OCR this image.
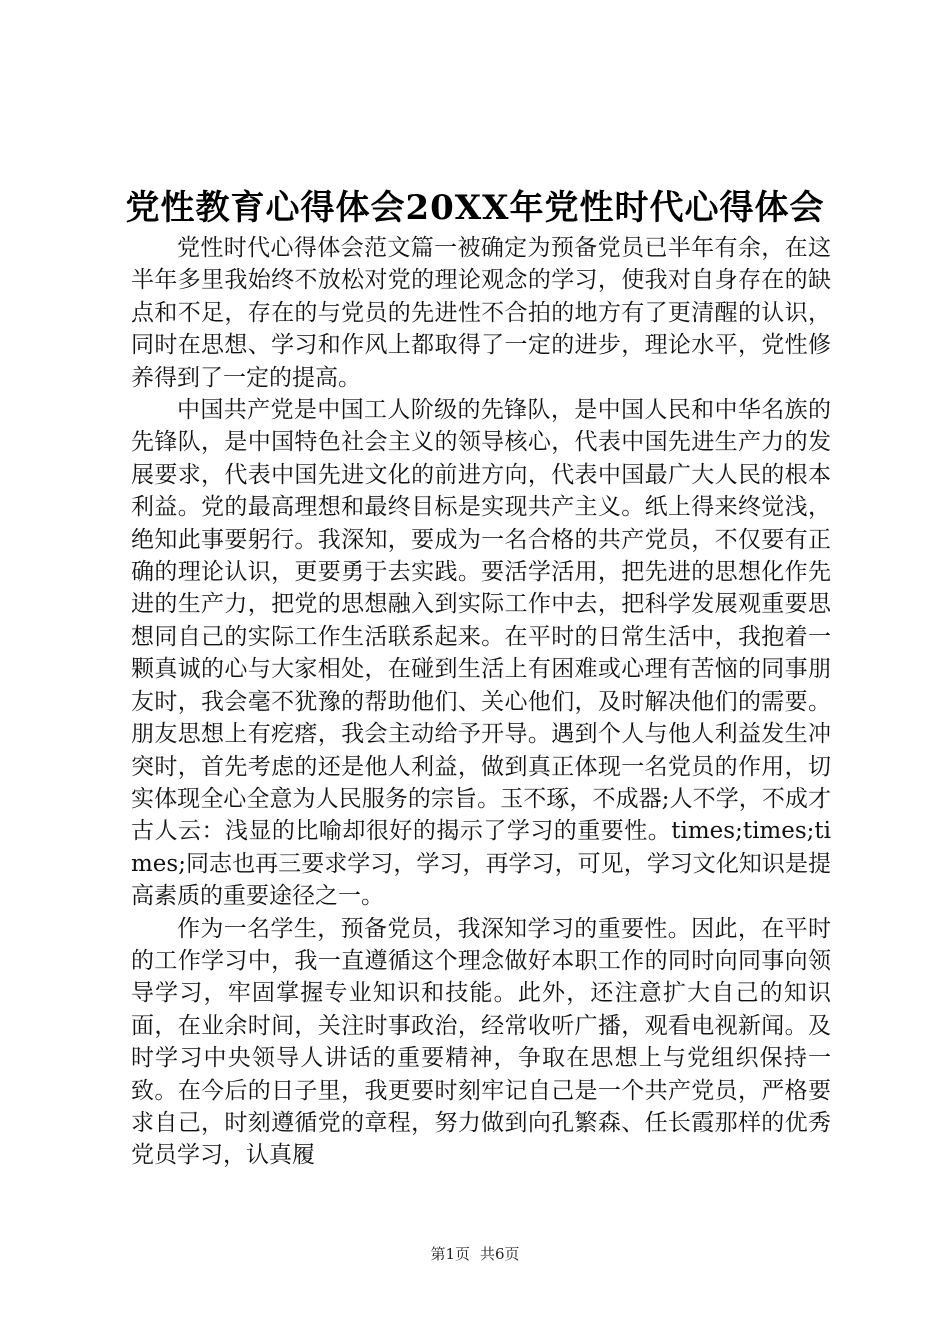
党性教育心得体会20XX年党性时代心得体会

党性时代心得体会范文篇一被确定为预备党员已半年有余，在这半年多里我始终不放松对党的理论观念的学习，使我对自身存在的缺点和不足，存在的与党员的先进性不合拍的地方有了更清醒的认识，同时在思想、学习和作风上都取得了一定的进步，理论水平，党性修养得到了一定的提高。

中国共产党是中国工人阶级的先锋队，是中国人民和中华名族的先锋队，是中国特色社会主义的领导核心，代表中国先进生产力的发展要求，代表中国先进文化的前进方向，代表中国最广大人民的根本利益。党的最高理想和最终目标是实现共产主义。纸上得来终觉浅，绝知此事要躬行。我深知，要成为一名合格的共产党员，不仅要有正确的理论认识，更要勇于去实践。要活学活用，把先进的思想化作先进的生产力，把党的思想融入到实际工作中去，把科学发展观重要思想同自己的实际工作生活联系起来。在平时的日常生活中，我抱着一颗真诚的心与大家相处，在碰到生活上有困难或心理有苦恼的同事朋友时，我会毫不犹豫的帮助他们、关心他们，及时解决他们的需要。朋友思想上有疙瘩，我会主动给予开导。遇到个人与他人利益发生冲突时，首先考虑的还是他人利益，做到真正体现一名党员的作用，切实体现全心全意为人民服务的宗旨。玉不琢，不成器;人不学，不成才古人云：浅显的比喻却很好的揭示了学习的重要性。times;times;times;同志也再三要求学习，学习，再学习，可见，学习文化知识是提高素质的重要途径之一。

作为一名学生，预备党员，我深知学习的重要性。因此，在平时的工作学习中，我一直遵循这个理念做好本职工作的同时向同事向领导学习，牢固掌握专业知识和技能。此外，还注意扩大自己的知识面，在业余时间，关注时事政治，经常收听广播，观看电视新闻。及时学习中央领导人讲话的重要精神，争取在思想上与党组织保持一致。在今后的日子里，我更要时刻牢记自己是一个共产党员，严格要求自己，时刻遵循党的章程，努力做到向孔繁森、任长霞那样的优秀党员学习，认真履

第1页 共6页
